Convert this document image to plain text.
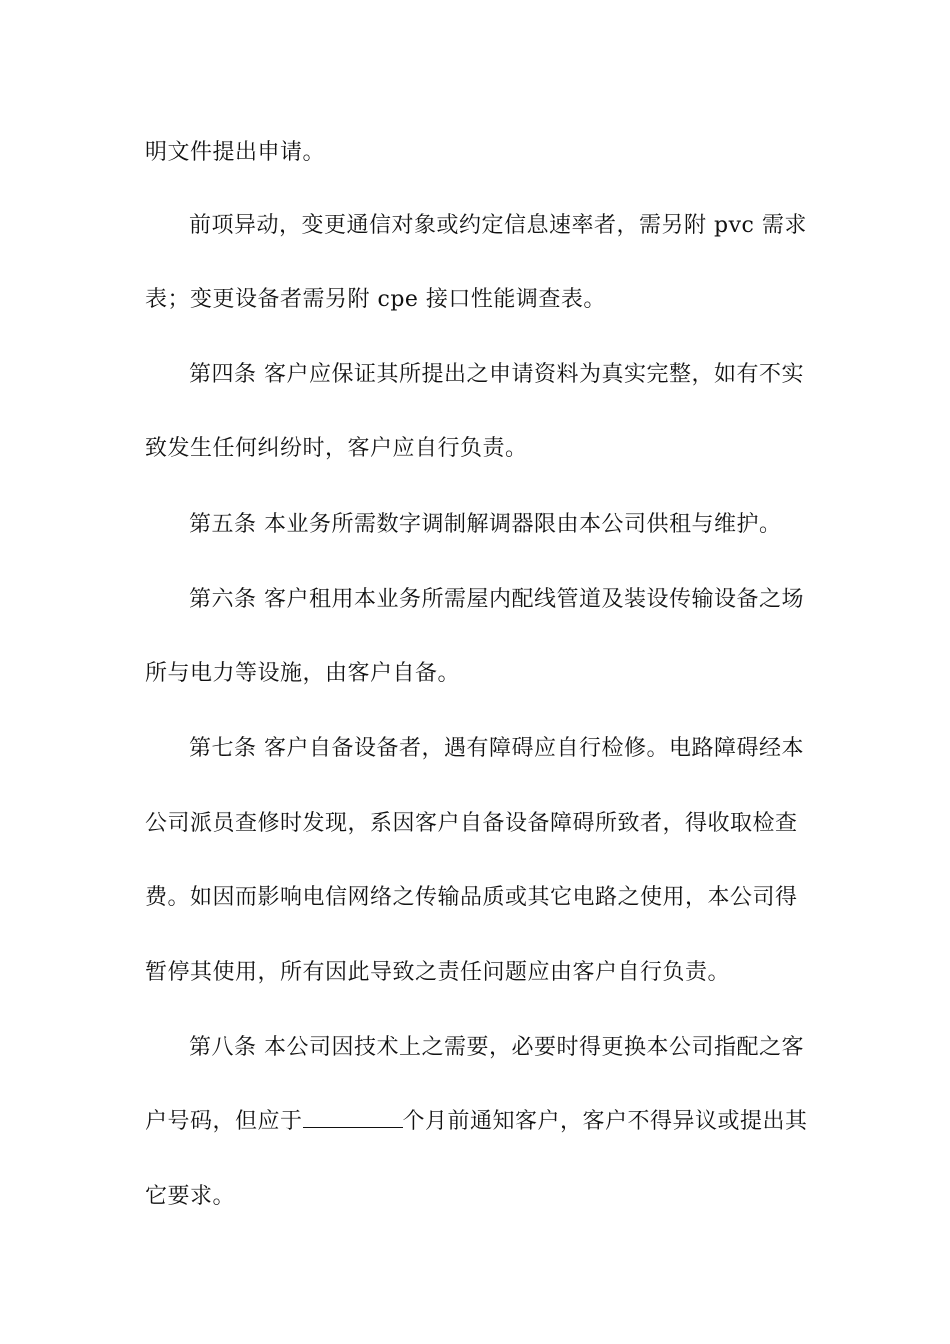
明文件提出申请。
前项异动，变更通信对象或约定信息速率者，需另附 pvc 需求
表；变更设备者需另附 cpe 接口性能调查表。
第四条 客户应保证其所提出之申请资料为真实完整，如有不实
致发生任何纠纷时，客户应自行负责。
第五条 本业务所需数字调制解调器限由本公司供租与维护。
第六条 客户租用本业务所需屋内配线管道及装设传输设备之场
所与电力等设施，由客户自备。
第七条 客户自备设备者，遇有障碍应自行检修。电路障碍经本
公司派员查修时发现，系因客户自备设备障碍所致者，得收取检查
费。如因而影响电信网络之传输品质或其它电路之使用，本公司得
暂停其使用，所有因此导致之责任问题应由客户自行负责。
第八条 本公司因技术上之需要，必要时得更换本公司指配之客
户号码，但应于	个月前通知客户，客户不得异议或提出其
它要求。
